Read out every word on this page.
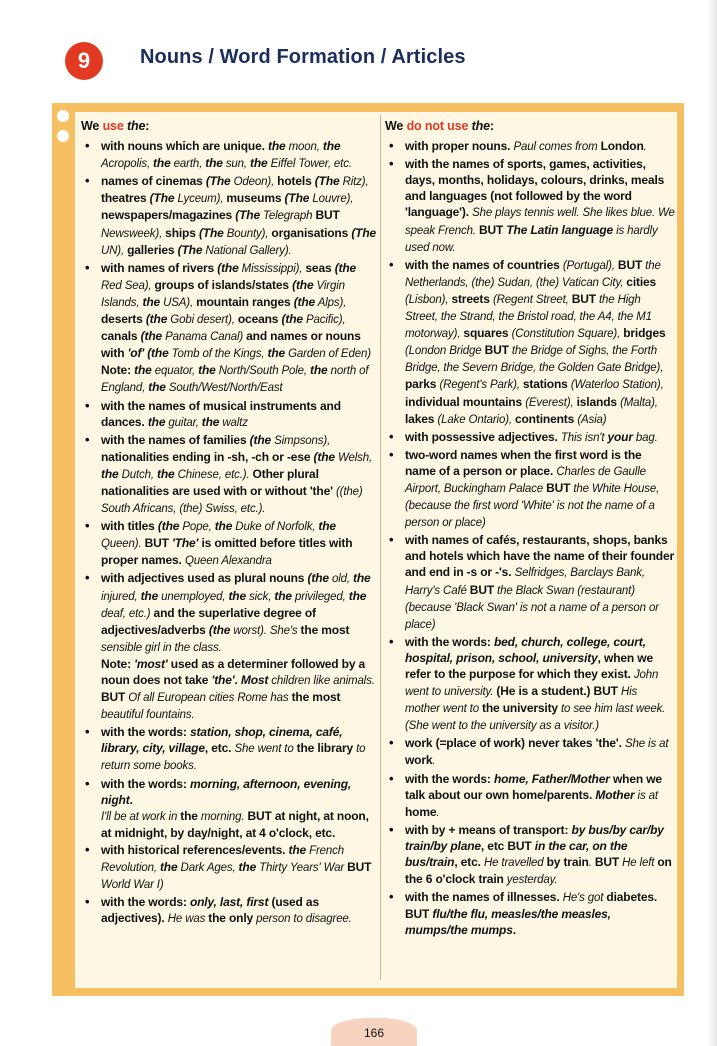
9	Nouns / Word Formation / Articles
We use the:
• with nouns which are unique. the moon, the Acropolis, the earth, the sun, the Eiffel Tower, etc.
• names of cinemas (The Odeon), hotels (The Ritz), theatres (The Lyceum), museums (The Louvre), newspapers/magazines (The Telegraph BUT Newsweek), ships (The Bounty), organisations (The UN), galleries (The National Gallery).
• with names of rivers (the Mississippi), seas (the Red Sea), groups of islands/states (the Virgin Islands, the USA), mountain ranges (the Alps), deserts (the Gobi desert), oceans (the Pacific), canals (the Panama Canal) and names or nouns with 'of' (the Tomb of the Kings, the Garden of Eden)
Note: the equator, the North/South Pole, the north of England, the South/West/North/East
• with the names of musical instruments and dances. the guitar, the waltz
• with the names of families (the Simpsons), nationalities ending in -sh, -ch or -ese (the Welsh, the Dutch, the Chinese, etc.). Other plural nationalities are used with or without 'the' ((the) South Africans, (the) Swiss, etc.).
• with titles (the Pope, the Duke of Norfolk, the Queen). BUT 'The' is omitted before titles with proper names. Queen Alexandra
• with adjectives used as plural nouns (the old, the injured, the unemployed, the sick, the privileged, the deaf, etc.) and the superlative degree of adjectives/adverbs (the worst). She's the most sensible girl in the class.
Note: 'most' used as a determiner followed by a noun does not take 'the'. Most children like animals. BUT Of all European cities Rome has the most beautiful fountains.
• with the words: station, shop, cinema, café, library, city, village, etc. She went to the library to return some books.
• with the words: morning, afternoon, evening, night.
I'll be at work in the morning. BUT at night, at noon, at midnight, by day/night, at 4 o'clock, etc.
• with historical references/events. the French Revolution, the Dark Ages, the Thirty Years' War BUT World War I)
• with the words: only, last, first (used as adjectives). He was the only person to disagree.
We do not use the:
• with proper nouns. Paul comes from London.
• with the names of sports, games, activities, days, months, holidays, colours, drinks, meals and languages (not followed by the word 'language'). She plays tennis well. She likes blue. We speak French. BUT The Latin language is hardly used now.
• with the names of countries (Portugal), BUT the Netherlands, (the) Sudan, (the) Vatican City, cities (Lisbon), streets (Regent Street, BUT the High Street, the Strand, the Bristol road, the A4, the M1 motorway), squares (Constitution Square), bridges (London Bridge BUT the Bridge of Sighs, the Forth Bridge, the Severn Bridge, the Golden Gate Bridge), parks (Regent's Park), stations (Waterloo Station), individual mountains (Everest), islands (Malta), lakes (Lake Ontario), continents (Asia)
• with possessive adjectives. This isn't your bag.
• two-word names when the first word is the name of a person or place. Charles de Gaulle Airport, Buckingham Palace BUT the White House, (because the first word 'White' is not the name of a person or place)
• with names of cafés, restaurants, shops, banks and hotels which have the name of their founder and end in -s or -'s. Selfridges, Barclays Bank, Harry's Café BUT the Black Swan (restaurant) (because 'Black Swan' is not a name of a person or place)
• with the words: bed, church, college, court, hospital, prison, school, university, when we refer to the purpose for which they exist. John went to university. (He is a student.) BUT His mother went to the university to see him last week. (She went to the university as a visitor.)
• work (=place of work) never takes 'the'. She is at work.
• with the words: home, Father/Mother when we talk about our own home/parents. Mother is at home.
• with by + means of transport: by bus/by car/by train/by plane, etc BUT in the car, on the bus/train, etc. He travelled by train. BUT He left on the 6 o'clock train yesterday.
• with the names of illnesses. He's got diabetes. BUT flu/the flu, measles/the measles, mumps/the mumps.
166
